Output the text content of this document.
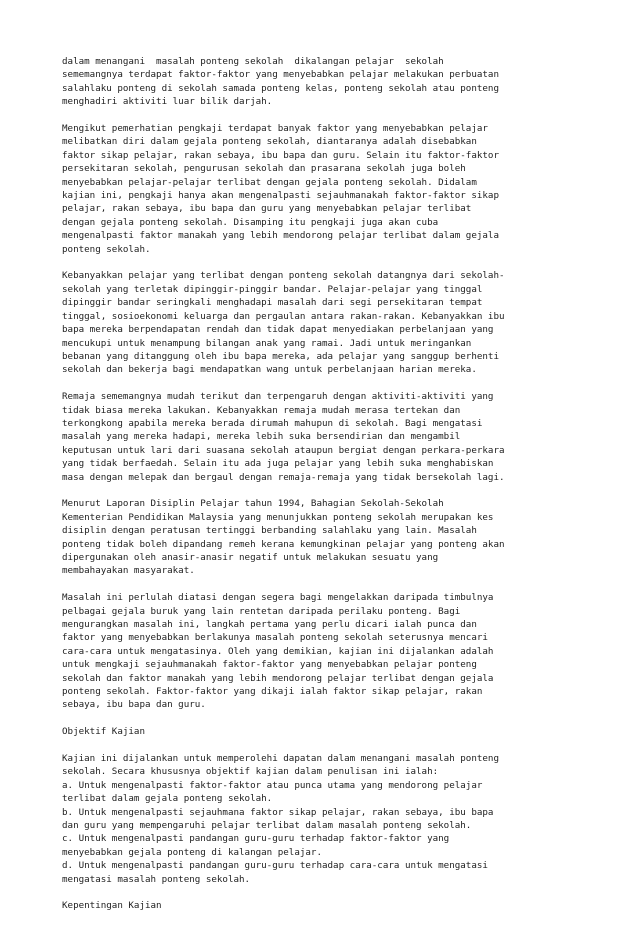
dalam menangani  masalah ponteng sekolah  dikalangan pelajar  sekolah
sememangnya terdapat faktor-faktor yang menyebabkan pelajar melakukan perbuatan
salahlaku ponteng di sekolah samada ponteng kelas, ponteng sekolah atau ponteng
menghadiri aktiviti luar bilik darjah.
Mengikut pemerhatian pengkaji terdapat banyak faktor yang menyebabkan pelajar
melibatkan diri dalam gejala ponteng sekolah, diantaranya adalah disebabkan
faktor sikap pelajar, rakan sebaya, ibu bapa dan guru. Selain itu faktor-faktor
persekitaran sekolah, pengurusan sekolah dan prasarana sekolah juga boleh
menyebabkan pelajar-pelajar terlibat dengan gejala ponteng sekolah. Didalam
kajian ini, pengkaji hanya akan mengenalpasti sejauhmanakah faktor-faktor sikap
pelajar, rakan sebaya, ibu bapa dan guru yang menyebabkan pelajar terlibat
dengan gejala ponteng sekolah. Disamping itu pengkaji juga akan cuba
mengenalpasti faktor manakah yang lebih mendorong pelajar terlibat dalam gejala
ponteng sekolah.
Kebanyakkan pelajar yang terlibat dengan ponteng sekolah datangnya dari sekolah-
sekolah yang terletak dipinggir-pinggir bandar. Pelajar-pelajar yang tinggal
dipinggir bandar seringkali menghadapi masalah dari segi persekitaran tempat
tinggal, sosioekonomi keluarga dan pergaulan antara rakan-rakan. Kebanyakkan ibu
bapa mereka berpendapatan rendah dan tidak dapat menyediakan perbelanjaan yang
mencukupi untuk menampung bilangan anak yang ramai. Jadi untuk meringankan
bebanan yang ditanggung oleh ibu bapa mereka, ada pelajar yang sanggup berhenti
sekolah dan bekerja bagi mendapatkan wang untuk perbelanjaan harian mereka.
Remaja sememangnya mudah terikut dan terpengaruh dengan aktiviti-aktiviti yang
tidak biasa mereka lakukan. Kebanyakkan remaja mudah merasa tertekan dan
terkongkong apabila mereka berada dirumah mahupun di sekolah. Bagi mengatasi
masalah yang mereka hadapi, mereka lebih suka bersendirian dan mengambil
keputusan untuk lari dari suasana sekolah ataupun bergiat dengan perkara-perkara
yang tidak berfaedah. Selain itu ada juga pelajar yang lebih suka menghabiskan
masa dengan melepak dan bergaul dengan remaja-remaja yang tidak bersekolah lagi.
Menurut Laporan Disiplin Pelajar tahun 1994, Bahagian Sekolah-Sekolah
Kementerian Pendidikan Malaysia yang menunjukkan ponteng sekolah merupakan kes
disiplin dengan peratusan tertinggi berbanding salahlaku yang lain. Masalah
ponteng tidak boleh dipandang remeh kerana kemungkinan pelajar yang ponteng akan
dipergunakan oleh anasir-anasir negatif untuk melakukan sesuatu yang
membahayakan masyarakat.
Masalah ini perlulah diatasi dengan segera bagi mengelakkan daripada timbulnya
pelbagai gejala buruk yang lain rentetan daripada perilaku ponteng. Bagi
mengurangkan masalah ini, langkah pertama yang perlu dicari ialah punca dan
faktor yang menyebabkan berlakunya masalah ponteng sekolah seterusnya mencari
cara-cara untuk mengatasinya. Oleh yang demikian, kajian ini dijalankan adalah
untuk mengkaji sejauhmanakah faktor-faktor yang menyebabkan pelajar ponteng
sekolah dan faktor manakah yang lebih mendorong pelajar terlibat dengan gejala
ponteng sekolah. Faktor-faktor yang dikaji ialah faktor sikap pelajar, rakan
sebaya, ibu bapa dan guru.
Objektif Kajian
Kajian ini dijalankan untuk memperolehi dapatan dalam menangani masalah ponteng
sekolah. Secara khususnya objektif kajian dalam penulisan ini ialah:
a. Untuk mengenalpasti faktor-faktor atau punca utama yang mendorong pelajar
terlibat dalam gejala ponteng sekolah.
b. Untuk mengenalpasti sejauhmana faktor sikap pelajar, rakan sebaya, ibu bapa
dan guru yang mempengaruhi pelajar terlibat dalam masalah ponteng sekolah.
c. Untuk mengenalpasti pandangan guru-guru terhadap faktor-faktor yang
menyebabkan gejala ponteng di kalangan pelajar.
d. Untuk mengenalpasti pandangan guru-guru terhadap cara-cara untuk mengatasi
mengatasi masalah ponteng sekolah.
Kepentingan Kajian
